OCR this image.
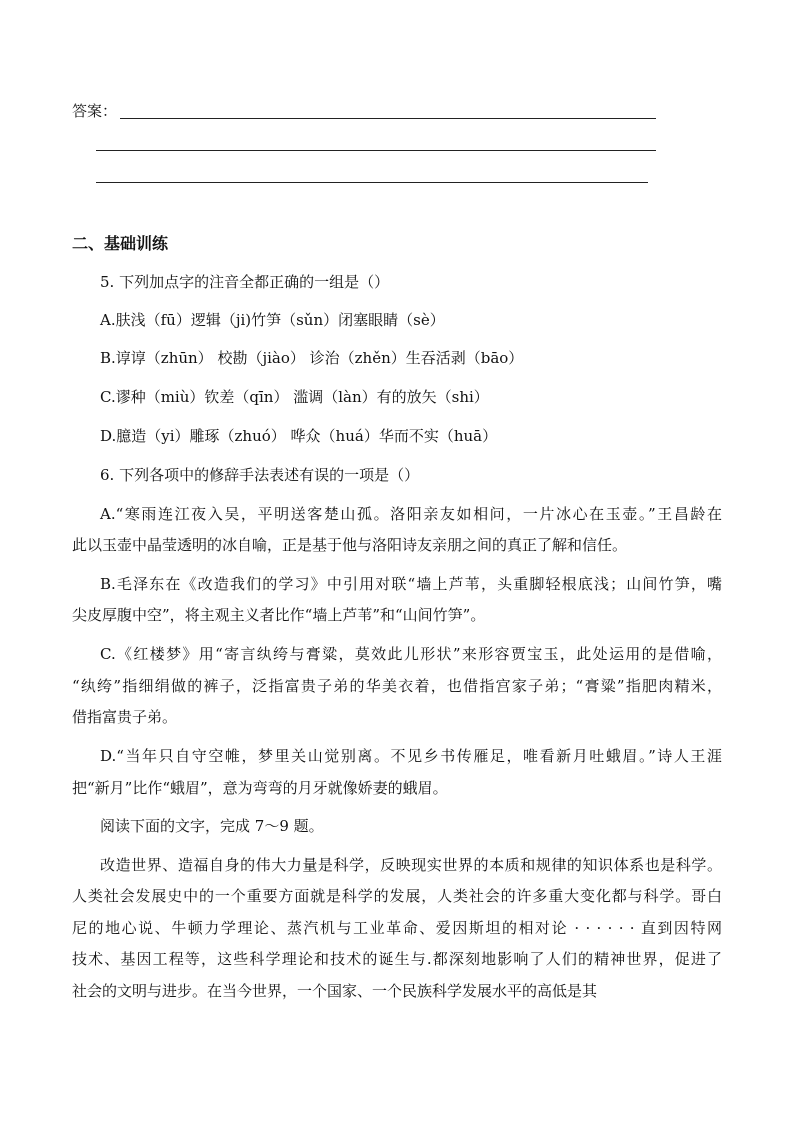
答案：
二、基础训练
5. 下列加点字的注音全都正确的一组是（）
A.肤浅（fū）逻辑（ji)竹笋（sǔn）闭塞眼睛（sè）
B.谆谆（zhūn） 校勘（jiào） 诊治（zhěn）生吞活剥（bāo）
C.谬种（miù）钦差（qīn） 滥调（làn）有的放矢（shi）
D.臆造（yi）雕琢（zhuó） 哗众（huá）华而不实（huā）
6. 下列各项中的修辞手法表述有误的一项是（）
A.“寒雨连江夜入吴，平明送客楚山孤。洛阳亲友如相问，一片冰心在玉壶。”王昌龄在
此以玉壶中晶莹透明的冰自喻，正是基于他与洛阳诗友亲朋之间的真正了解和信任。
B.毛泽东在《改造我们的学习》中引用对联“墙上芦苇，头重脚轻根底浅；山间竹笋，嘴
尖皮厚腹中空”，将主观主义者比作“墙上芦苇”和“山间竹笋”。
C.《红楼梦》用“寄言纨绔与膏粱，莫效此儿形状”来形容贾宝玉，此处运用的是借喻，
“纨绔”指细绢做的裤子，泛指富贵子弟的华美衣着，也借指宫家子弟；“膏粱”指肥肉精米，
借指富贵子弟。
D.“当年只自守空帷，梦里关山觉别离。不见乡书传雁足，唯看新月吐蛾眉。”诗人王涯
把“新月”比作“蛾眉”，意为弯弯的月牙就像娇妻的蛾眉。
阅读下面的文字，完成 7～9 题。
改造世界、造福自身的伟大力量是科学，反映现实世界的本质和规律的知识体系也是科学。
人类社会发展史中的一个重要方面就是科学的发展，人类社会的许多重大变化都与科学。哥白
尼的地心说、牛顿力学理论、蒸汽机与工业革命、爱因斯坦的相对论 · · · · · · 直到因特网
技术、基因工程等，这些科学理论和技术的诞生与.都深刻地影响了人们的精神世界，促进了
社会的文明与进步。在当今世界，一个国家、一个民族科学发展水平的高低是其
